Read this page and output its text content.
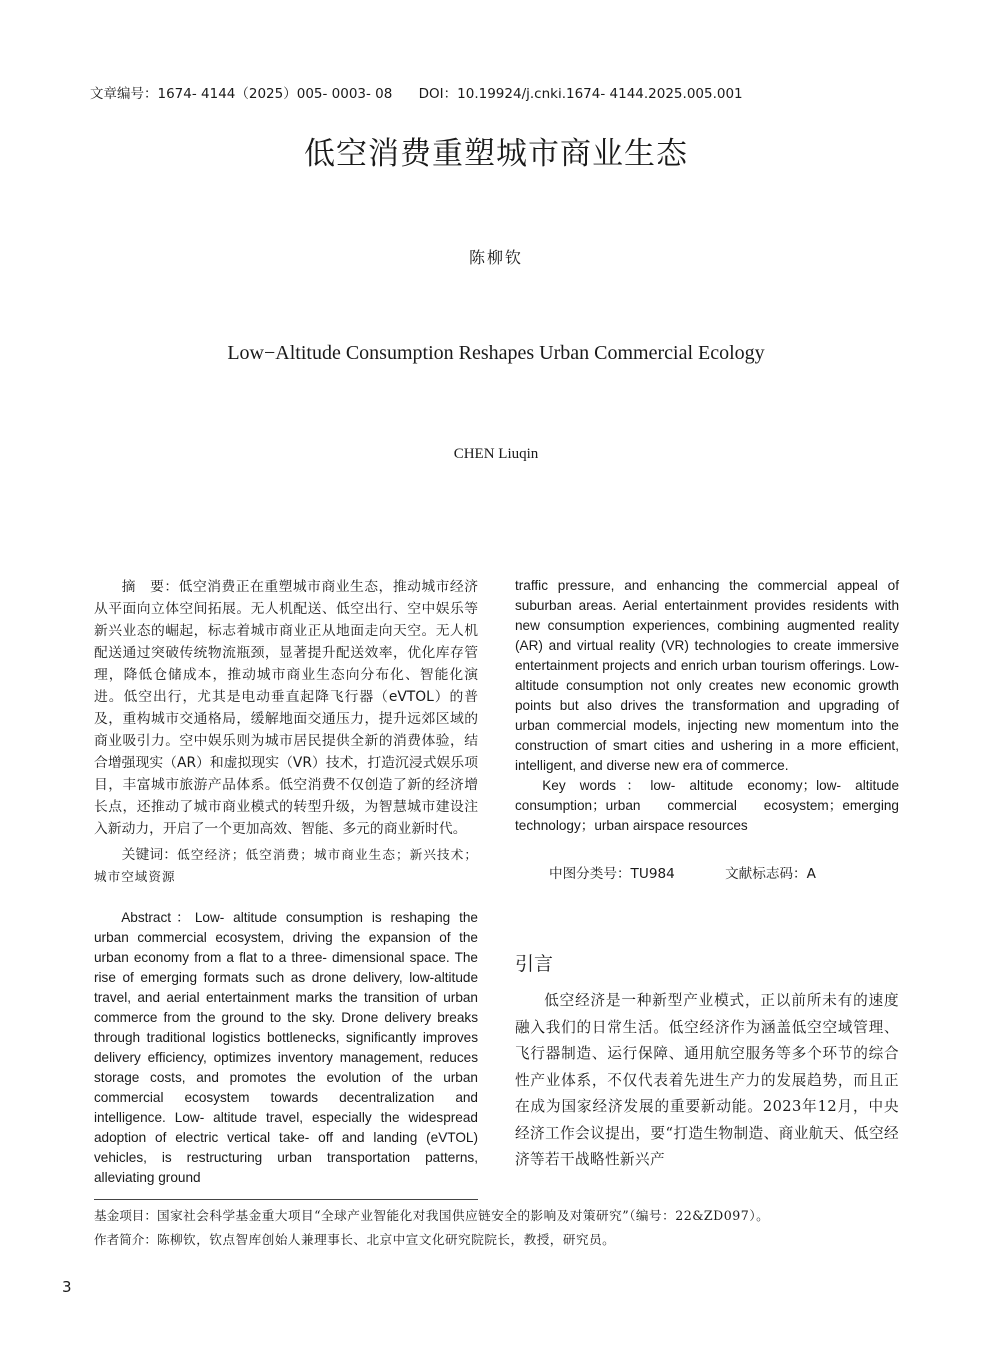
文章编号：1674- 4144（2025）005- 0003- 08 DOI：10.19924/j.cnki.1674- 4144.2025.005.001
低空消费重塑城市商业生态
陈柳钦
Low−Altitude Consumption Reshapes Urban Commercial Ecology
CHEN Liuqin

摘　要：低空消费正在重塑城市商业生态，推动城市经济从平面向立体空间拓展。无人机配送、低空出行、空中娱乐等新兴业态的崛起，标志着城市商业正从地面走向天空。无人机配送通过突破传统物流瓶颈，显著提升配送效率，优化库存管理，降低仓储成本，推动城市商业生态向分布化、智能化演进。低空出行，尤其是电动垂直起降飞行器（eVTOL）的普及，重构城市交通格局，缓解地面交通压力，提升远郊区域的商业吸引力。空中娱乐则为城市居民提供全新的消费体验，结合增强现实（AR）和虚拟现实（VR）技术，打造沉浸式娱乐项目，丰富城市旅游产品体系。低空消费不仅创造了新的经济增长点，还推动了城市商业模式的转型升级，为智慧城市建设注入新动力，开启了一个更加高效、智能、多元的商业新时代。

关键词：低空经济；低空消费；城市商业生态；新兴技术；城市空域资源

Abstract：Low- altitude consumption is reshaping the urban commercial ecosystem, driving the expansion of the urban economy from a flat to a three- dimensional space. The rise of emerging formats such as drone delivery, low-altitude travel, and aerial entertainment marks the transition of urban commerce from the ground to the sky. Drone delivery breaks through traditional logistics bottlenecks, significantly improves delivery efficiency, optimizes inventory management, reduces storage costs, and promotes the evolution of the urban commercial ecosystem towards decentralization and intelligence. Low- altitude travel, especially the widespread adoption of electric vertical take- off and landing (eVTOL) vehicles, is restructuring urban transportation patterns, alleviating ground

traffic pressure, and enhancing the commercial appeal of suburban areas. Aerial entertainment provides residents with new consumption experiences, combining augmented reality (AR) and virtual reality (VR) technologies to create immersive entertainment projects and enrich urban tourism offerings. Low- altitude consumption not only creates new economic growth points but also drives the transformation and upgrading of urban commercial models, injecting new momentum into the construction of smart cities and ushering in a more efficient, intelligent, and diverse new era of commerce.

Key words：low- altitude economy；low- altitude consumption；urban commercial ecosystem；emerging technology；urban airspace resources

中图分类号：TU984	文献标志码：A
引言

低空经济是一种新型产业模式，正以前所未有的速度融入我们的日常生活。低空经济作为涵盖低空空域管理、飞行器制造、运行保障、通用航空服务等多个环节的综合性产业体系，不仅代表着先进生产力的发展趋势，而且正在成为国家经济发展的重要新动能。2023年12月，中央经济工作会议提出，要“打造生物制造、商业航天、低空经济等若干战略性新兴产

基金项目：国家社会科学基金重大项目“全球产业智能化对我国供应链安全的影响及对策研究”（编号：22&ZD097）。
作者简介：陈柳钦，钦点智库创始人兼理事长、北京中宣文化研究院院长，教授，研究员。
3
